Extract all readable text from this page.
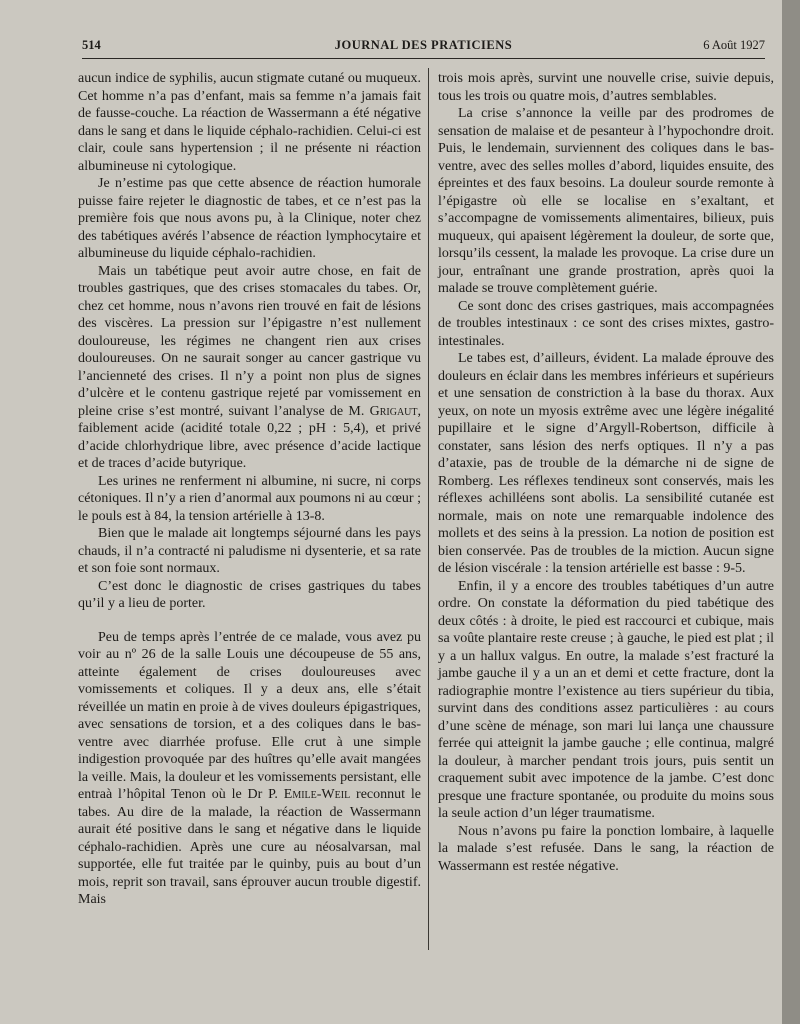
514	JOURNAL DES PRATICIENS	6 Août 1927

aucun indice de syphilis, aucun stigmate cutané ou muqueux. Cet homme n’a pas d’enfant, mais sa femme n’a jamais fait de fausse-couche. La réaction de Wassermann a été négative dans le sang et dans le liquide céphalo-rachidien. Celui-ci est clair, coule sans hypertension ; il ne présente ni réaction albumineuse ni cytologique.

Je n’estime pas que cette absence de réaction humorale puisse faire rejeter le diagnostic de tabes, et ce n’est pas la première fois que nous avons pu, à la Clinique, noter chez des tabétiques avérés l’absence de réaction lymphocytaire et albumineuse du liquide céphalo-rachidien.

Mais un tabétique peut avoir autre chose, en fait de troubles gastriques, que des crises stomacales du tabes. Or, chez cet homme, nous n’avons rien trouvé en fait de lésions des viscères. La pression sur l’épigastre n’est nullement douloureuse, les régimes ne changent rien aux crises douloureuses. On ne saurait songer au cancer gastrique vu l’ancienneté des crises. Il n’y a point non plus de signes d’ulcère et le contenu gastrique rejeté par vomissement en pleine crise s’est montré, suivant l’analyse de M. Grigaut, faiblement acide (acidité totale 0,22 ; pH : 5,4), et privé d’acide chlorhydrique libre, avec présence d’acide lactique et de traces d’acide butyrique.

Les urines ne renferment ni albumine, ni sucre, ni corps cétoniques. Il n’y a rien d’anormal aux poumons ni au cœur ; le pouls est à 84, la tension artérielle à 13-8.

Bien que le malade ait longtemps séjourné dans les pays chauds, il n’a contracté ni paludisme ni dysenterie, et sa rate et son foie sont normaux.

C’est donc le diagnostic de crises gastriques du tabes qu’il y a lieu de porter.

Peu de temps après l’entrée de ce malade, vous avez pu voir au nº 26 de la salle Louis une découpeuse de 55 ans, atteinte également de crises douloureuses avec vomissements et coliques. Il y a deux ans, elle s’était réveillée un matin en proie à de vives douleurs épigastriques, avec sensations de torsion, et a des coliques dans le bas-ventre avec diarrhée profuse. Elle crut à une simple indigestion provoquée par des huîtres qu’elle avait mangées la veille. Mais, la douleur et les vomissements persistant, elle entraà l’hôpital Tenon où le Dr P. Emile-Weil reconnut le tabes. Au dire de la malade, la réaction de Wassermann aurait été positive dans le sang et négative dans le liquide céphalo-rachidien. Après une cure au néosalvarsan, mal supportée, elle fut traitée par le quinby, puis au bout d’un mois, reprit son travail, sans éprouver aucun trouble digestif. Mais

trois mois après, survint une nouvelle crise, suivie depuis, tous les trois ou quatre mois, d’autres semblables.

La crise s’annonce la veille par des prodromes de sensation de malaise et de pesanteur à l’hypochondre droit. Puis, le lendemain, surviennent des coliques dans le bas-ventre, avec des selles molles d’abord, liquides ensuite, des épreintes et des faux besoins. La douleur sourde remonte à l’épigastre où elle se localise en s’exaltant, et s’accompagne de vomissements alimentaires, bilieux, puis muqueux, qui apaisent légèrement la douleur, de sorte que, lorsqu’ils cessent, la malade les provoque. La crise dure un jour, entraînant une grande prostration, après quoi la malade se trouve complètement guérie.

Ce sont donc des crises gastriques, mais accompagnées de troubles intestinaux : ce sont des crises mixtes, gastro-intestinales.

Le tabes est, d’ailleurs, évident. La malade éprouve des douleurs en éclair dans les membres inférieurs et supérieurs et une sensation de constriction à la base du thorax. Aux yeux, on note un myosis extrême avec une légère inégalité pupillaire et le signe d’Argyll-Robertson, difficile à constater, sans lésion des nerfs optiques. Il n’y a pas d’ataxie, pas de trouble de la démarche ni de signe de Romberg. Les réflexes tendineux sont conservés, mais les réflexes achilléens sont abolis. La sensibilité cutanée est normale, mais on note une remarquable indolence des mollets et des seins à la pression. La notion de position est bien conservée. Pas de troubles de la miction. Aucun signe de lésion viscérale : la tension artérielle est basse : 9-5.

Enfin, il y a encore des troubles tabétiques d’un autre ordre. On constate la déformation du pied tabétique des deux côtés : à droite, le pied est raccourci et cubique, mais sa voûte plantaire reste creuse ; à gauche, le pied est plat ; il y a un hallux valgus. En outre, la malade s’est fracturé la jambe gauche il y a un an et demi et cette fracture, dont la radiographie montre l’existence au tiers supérieur du tibia, survint dans des conditions assez particulières : au cours d’une scène de ménage, son mari lui lança une chaussure ferrée qui atteignit la jambe gauche ; elle continua, malgré la douleur, à marcher pendant trois jours, puis sentit un craquement subit avec impotence de la jambe. C’est donc presque une fracture spontanée, ou produite du moins sous la seule action d’un léger traumatisme.

Nous n’avons pu faire la ponction lombaire, à laquelle la malade s’est refusée. Dans le sang, la réaction de Wassermann est restée négative.
